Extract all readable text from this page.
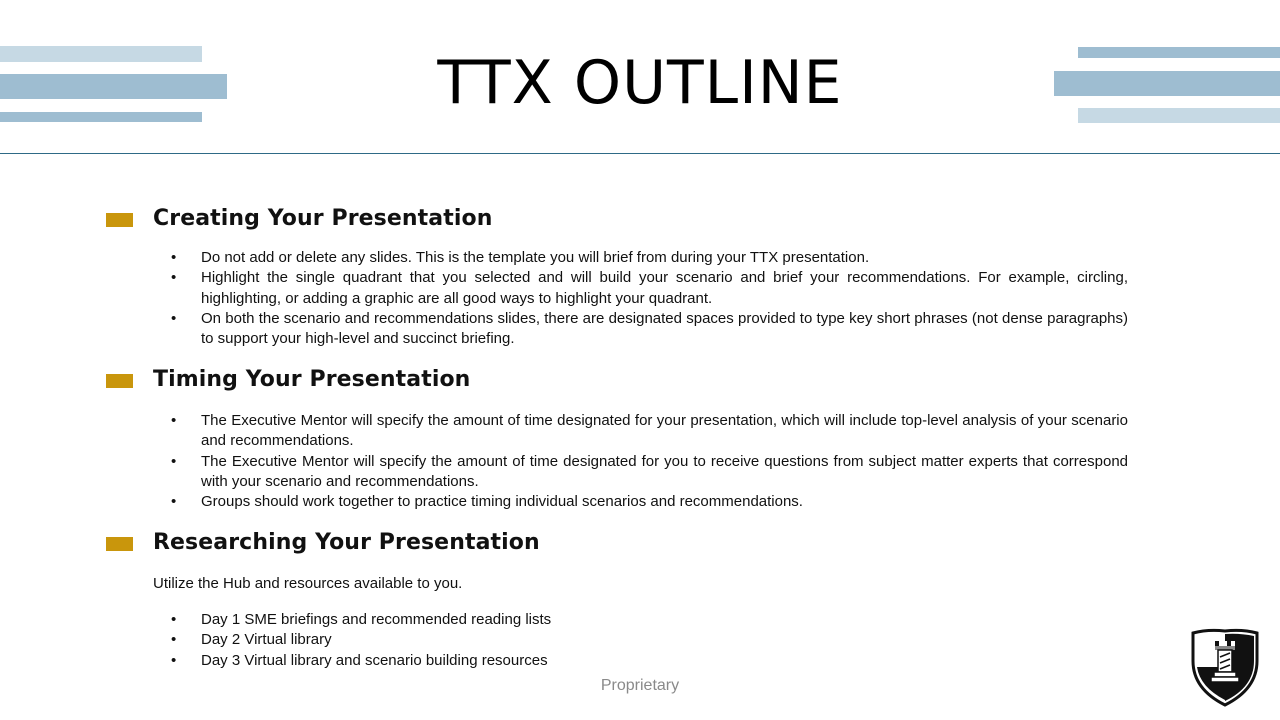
TTX OUTLINE
Creating Your Presentation
• Do not add or delete any slides. This is the template you will brief from during your TTX presentation.
• Highlight the single quadrant that you selected and will build your scenario and brief your recommendations. For example, circling, highlighting, or adding a graphic are all good ways to highlight your quadrant.
• On both the scenario and recommendations slides, there are designated spaces provided to type key short phrases (not dense paragraphs) to support your high-level and succinct briefing.
Timing Your Presentation
• The Executive Mentor will specify the amount of time designated for your presentation, which will include top-level analysis of your scenario and recommendations.
• The Executive Mentor will specify the amount of time designated for you to receive questions from subject matter experts that correspond with your scenario and recommendations.
• Groups should work together to practice timing individual scenarios and recommendations.
Researching Your Presentation
Utilize the Hub and resources available to you.
• Day 1 SME briefings and recommended reading lists
• Day 2 Virtual library
• Day 3 Virtual library and scenario building resources
Proprietary
